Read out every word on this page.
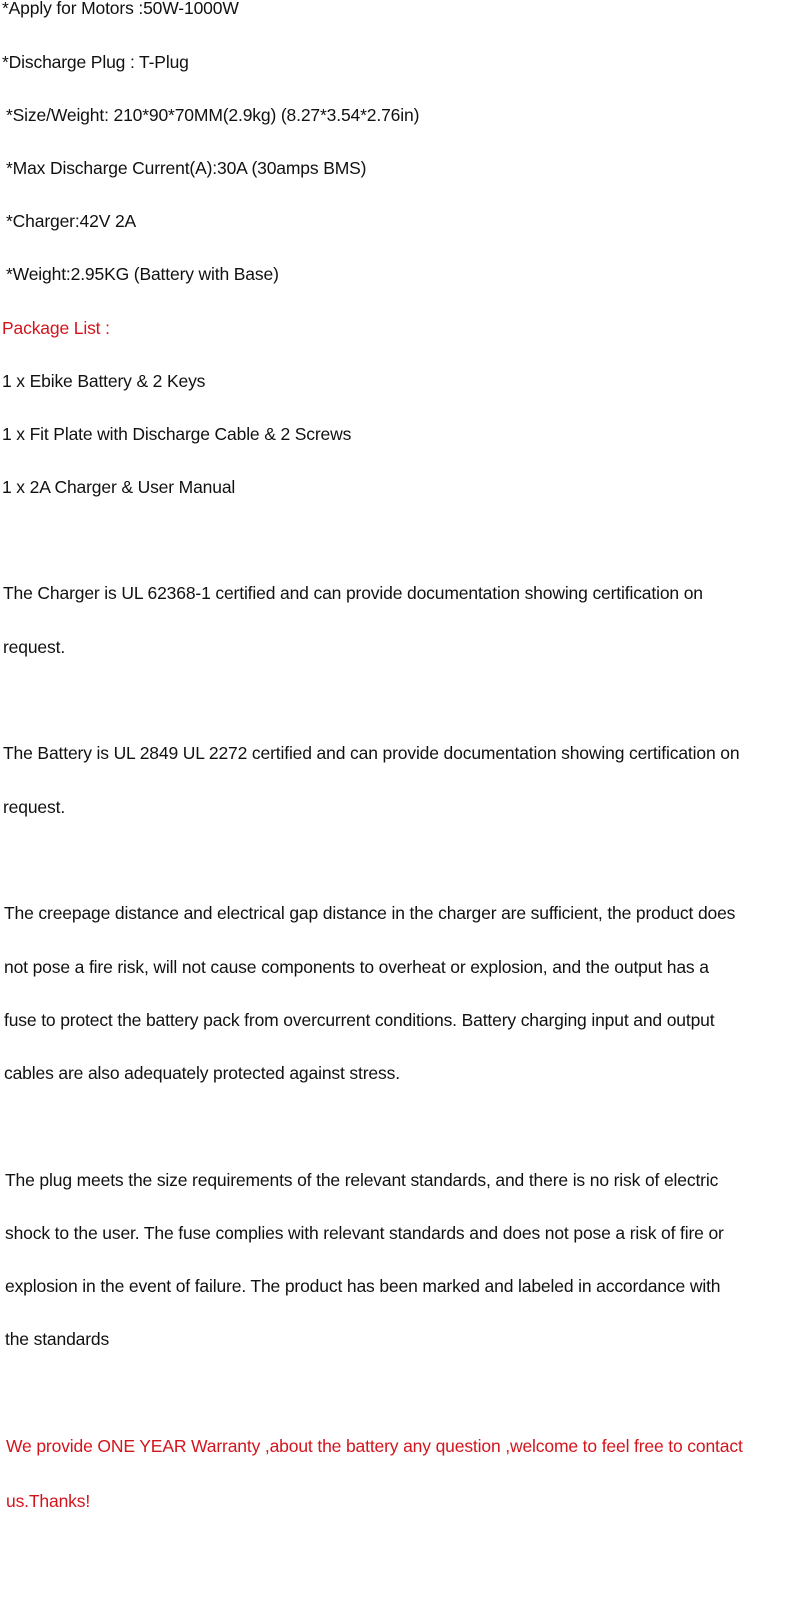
*Apply for Motors :50W-1000W

*Discharge Plug : T-Plug

*Size/Weight: 210*90*70MM(2.9kg) (8.27*3.54*2.76in)

*Max Discharge Current(A):30A (30amps BMS)

*Charger:42V 2A

*Weight:2.95KG (Battery with Base)

Package List :

1 x Ebike Battery & 2 Keys

1 x Fit Plate with Discharge Cable & 2 Screws

1 x 2A Charger & User Manual

The Charger is UL 62368-1 certified and can provide documentation showing certification on

request.

The Battery is UL 2849 UL 2272 certified and can provide documentation showing certification on

request.

The creepage distance and electrical gap distance in the charger are sufficient, the product does

not pose a fire risk, will not cause components to overheat or explosion, and the output has a

fuse to protect the battery pack from overcurrent conditions. Battery charging input and output

cables are also adequately protected against stress.

The plug meets the size requirements of the relevant standards, and there is no risk of electric

shock to the user. The fuse complies with relevant standards and does not pose a risk of fire or

explosion in the event of failure. The product has been marked and labeled in accordance with

the standards

We provide ONE YEAR Warranty ,about the battery any question ,welcome to feel free to contact

us.Thanks!
